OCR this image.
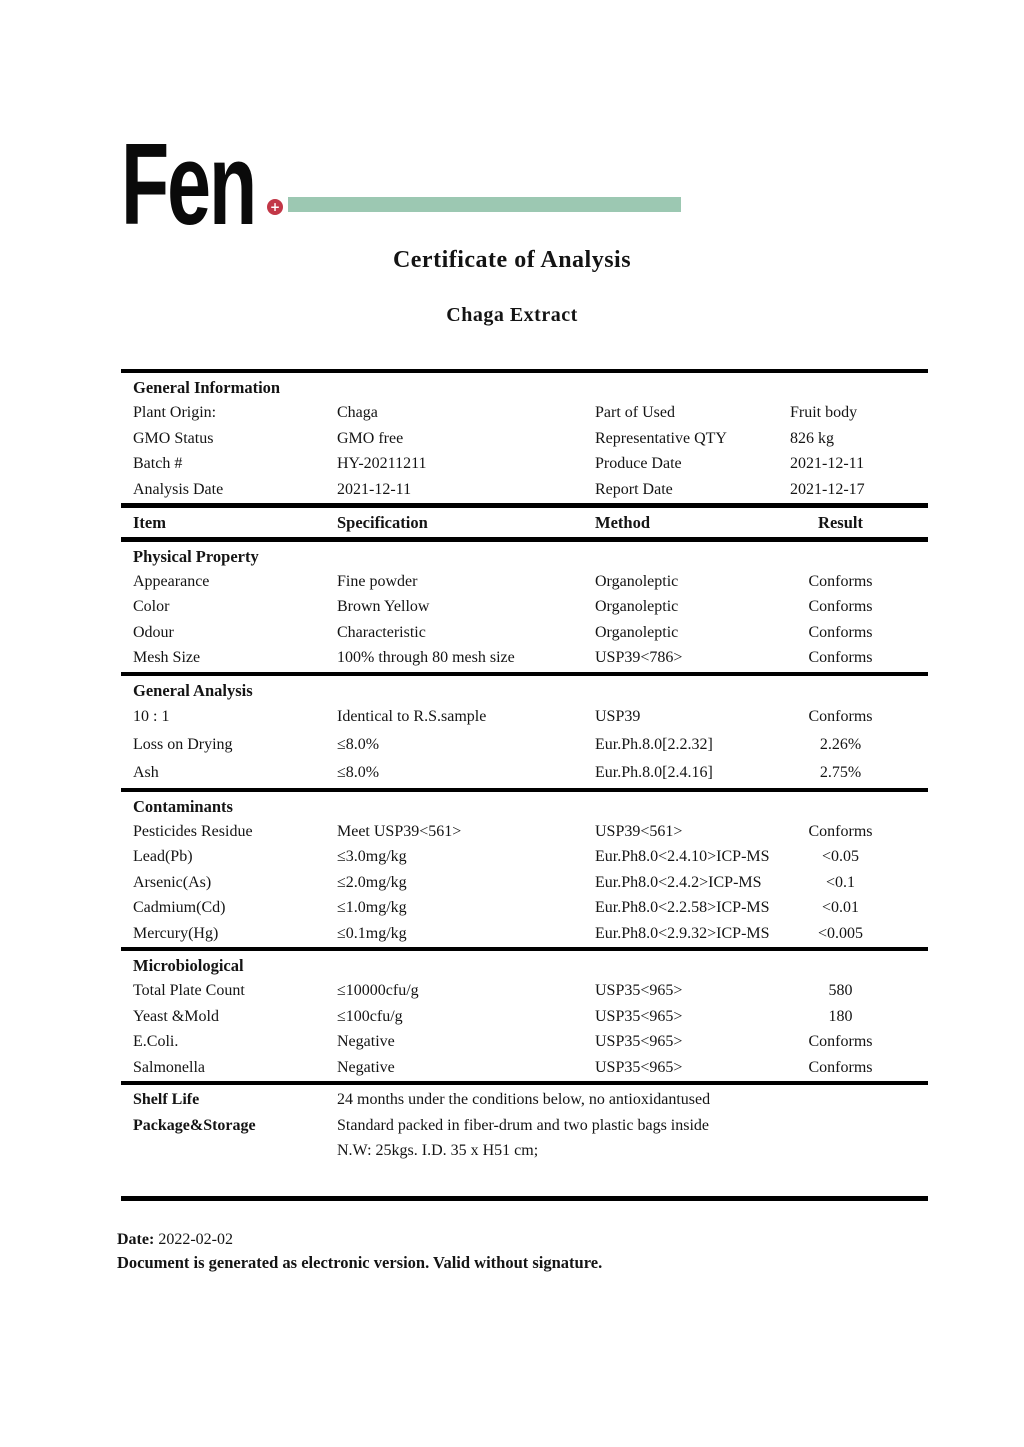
Fen +
Certificate of Analysis
Chaga Extract
General Information
Plant Origin:	Chaga	Part of Used	Fruit body
GMO Status	GMO free	Representative QTY	826 kg
Batch #	HY-20211211	Produce Date	2021-12-11
Analysis Date	2021-12-11	Report Date	2021-12-17
Item	Specification	Method	Result
Physical Property
Appearance	Fine powder	Organoleptic	Conforms
Color	Brown Yellow	Organoleptic	Conforms
Odour	Characteristic	Organoleptic	Conforms
Mesh Size	100% through 80 mesh size	USP39<786>	Conforms
General Analysis
10 : 1	Identical to R.S.sample	USP39	Conforms
Loss on Drying	≤8.0%	Eur.Ph.8.0[2.2.32]	2.26%
Ash	≤8.0%	Eur.Ph.8.0[2.4.16]	2.75%
Contaminants
Pesticides Residue	Meet USP39<561>	USP39<561>	Conforms
Lead(Pb)	≤3.0mg/kg	Eur.Ph8.0<2.4.10>ICP-MS	<0.05
Arsenic(As)	≤2.0mg/kg	Eur.Ph8.0<2.4.2>ICP-MS	<0.1
Cadmium(Cd)	≤1.0mg/kg	Eur.Ph8.0<2.2.58>ICP-MS	<0.01
Mercury(Hg)	≤0.1mg/kg	Eur.Ph8.0<2.9.32>ICP-MS	<0.005
Microbiological
Total Plate Count	≤10000cfu/g	USP35<965>	580
Yeast &Mold	≤100cfu/g	USP35<965>	180
E.Coli.	Negative	USP35<965>	Conforms
Salmonella	Negative	USP35<965>	Conforms
Shelf Life	24 months under the conditions below, no antioxidantused
Package&Storage	Standard packed in fiber-drum and two plastic bags inside
N.W: 25kgs. I.D. 35 x H51 cm;
Date: 2022-02-02
Document is generated as electronic version. Valid without signature.
